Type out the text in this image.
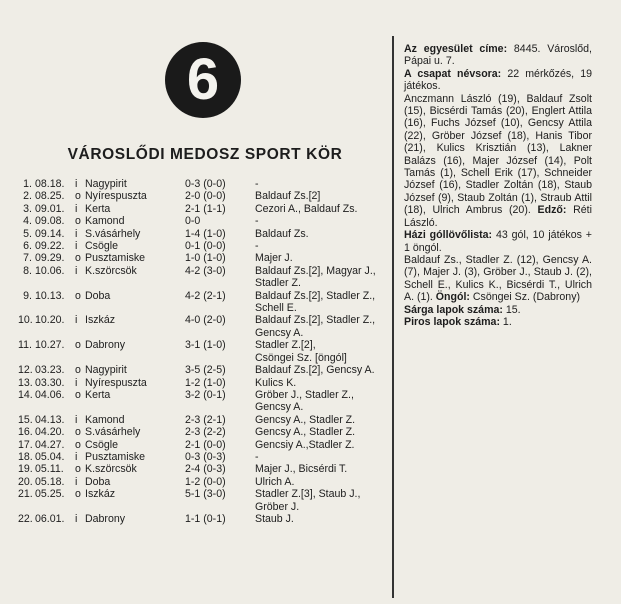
6
VÁROSLŐDI MEDOSZ SPORT KÖR
1. 08.18. i Nagypirit	0-3 (0-0)	-
2. 08.25. o Nyírespuszta	2-0 (0-0)	Baldauf Zs.[2]
3. 09.01. i Kerta	2-1 (1-1)	Cezori A., Baldauf Zs.
4. 09.08. o Kamond	0-0	-
5. 09.14. i S.vásárhely	1-4 (1-0)	Baldauf Zs.
6. 09.22. i Csögle	0-1 (0-0)	-
7. 09.29. o Pusztamiske	1-0 (1-0)	Majer J.
8. 10.06. i K.szörcsök	4-2 (3-0)	Baldauf Zs.[2], Magyar J.,
Stadler Z.
9. 10.13. o Doba	4-2 (2-1)	Baldauf Zs.[2], Stadler Z.,
Schell E.
10. 10.20. i Iszkáz	4-0 (2-0)	Baldauf Zs.[2], Stadler Z.,
Gencsy A.
11. 10.27. o Dabrony	3-1 (1-0)	Stadler Z.[2],
Csöngei Sz. [öngól]
12. 03.23. o Nagypirit	3-5 (2-5)	Baldauf Zs.[2], Gencsy A.
13. 03.30. i Nyírespuszta	1-2 (1-0)	Kulics K.
14. 04.06. o Kerta	3-2 (0-1)	Gröber J., Stadler Z.,
Gencsy A.
15. 04.13. i Kamond	2-3 (2-1)	Gencsy A., Stadler Z.
16. 04.20. o S.vásárhely	2-3 (2-2)	Gencsy A., Stadler Z.
17. 04.27. o Csögle	2-1 (0-0)	Gencsiy A.,Stadler Z.
18. 05.04. i Pusztamiske	0-3 (0-3)	-
19. 05.11.	o K.szörcsök	2-4 (0-3)	Majer J., Bicsérdi T.
20. 05.18. i Doba	1-2 (0-0)	Ulrich A.
21. 05.25. o Iszkáz	5-1 (3-0)	Stadler Z.[3], Staub J.,
Gröber J.
22. 06.01. i Dabrony	1-1 (0-1)	Staub J.

Az egyesület címe: 8445. Városlőd, Pápai u. 7.

A csapat névsora: 22 mérkőzés, 19 játékos.

Anczmann László (19), Baldauf Zsolt (15), Bicsérdi Tamás (20), Englert Attila (16), Fuchs József (10), Gencsy Attila (22), Gröber József (18), Hanis Tibor (21), Kulics Krisztián (13), Lakner Balázs (16), Majer József (14), Polt Tamás (1), Schell Erik (17), Schneider József (16), Stadler Zoltán (18), Staub József (9), Staub Zoltán (1), Straub Attil (18), Ulrich Ambrus (20). Edző: Réti László.

Házi góllövőlista: 43 gól, 10 játékos + 1 öngól.

Baldauf Zs., Stadler Z. (12), Gencsy A. (7), Majer J. (3), Gröber J., Staub J. (2), Schell E., Kulics K., Bicsérdi T., Ulrich A. (1). Öngól: Csöngei Sz. (Dabrony)

Sárga lapok száma: 15.

Piros lapok száma: 1.
